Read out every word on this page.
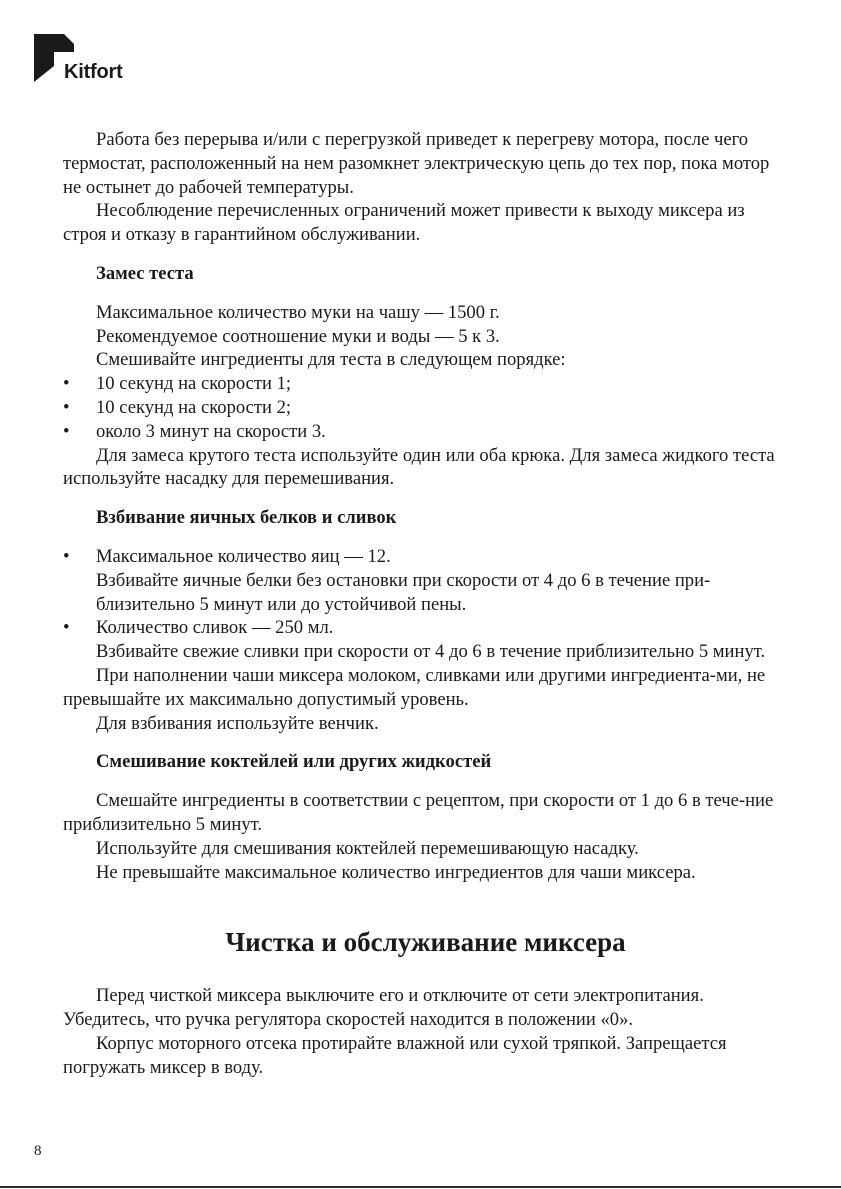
Kitfort

Работа без перерыва и/или с перегрузкой приведет к перегреву мотора, после чего термостат, расположенный на нем разомкнет электрическую цепь до тех пор, пока мотор не остынет до рабочей температуры.

Несоблюдение перечисленных ограничений может привести к выходу миксера из строя и отказу в гарантийном обслуживании.

Замес теста

Максимальное количество муки на чашу — 1500 г.

Рекомендуемое соотношение муки и воды — 5 к 3.

Смешивайте ингредиенты для теста в следующем порядке:

• 10 секунд на скорости 1;

• 10 секунд на скорости 2;

• около 3 минут на скорости 3.

Для замеса крутого теста используйте один или оба крюка. Для замеса жидкого теста используйте насадку для перемешивания.

Взбивание яичных белков и сливок

• Максимальное количество яиц — 12.

Взбивайте яичные белки без остановки при скорости от 4 до 6 в течение при-близительно 5 минут или до устойчивой пены.

• Количество сливок — 250 мл.

Взбивайте свежие сливки при скорости от 4 до 6 в течение приблизительно 5 минут.

При наполнении чаши миксера молоком, сливками или другими ингредиента-ми, не превышайте их максимально допустимый уровень.

Для взбивания используйте венчик.

Смешивание коктейлей или других жидкостей

Смешайте ингредиенты в соответствии с рецептом, при скорости от 1 до 6 в тече-ние приблизительно 5 минут.

Используйте для смешивания коктейлей перемешивающую насадку.

Не превышайте максимальное количество ингредиентов для чаши миксера.

Чистка и обслуживание миксера

Перед чисткой миксера выключите его и отключите от сети электропитания. Убедитесь, что ручка регулятора скоростей находится в положении «0».

Корпус моторного отсека протирайте влажной или сухой тряпкой. Запрещается погружать миксер в воду.

8
